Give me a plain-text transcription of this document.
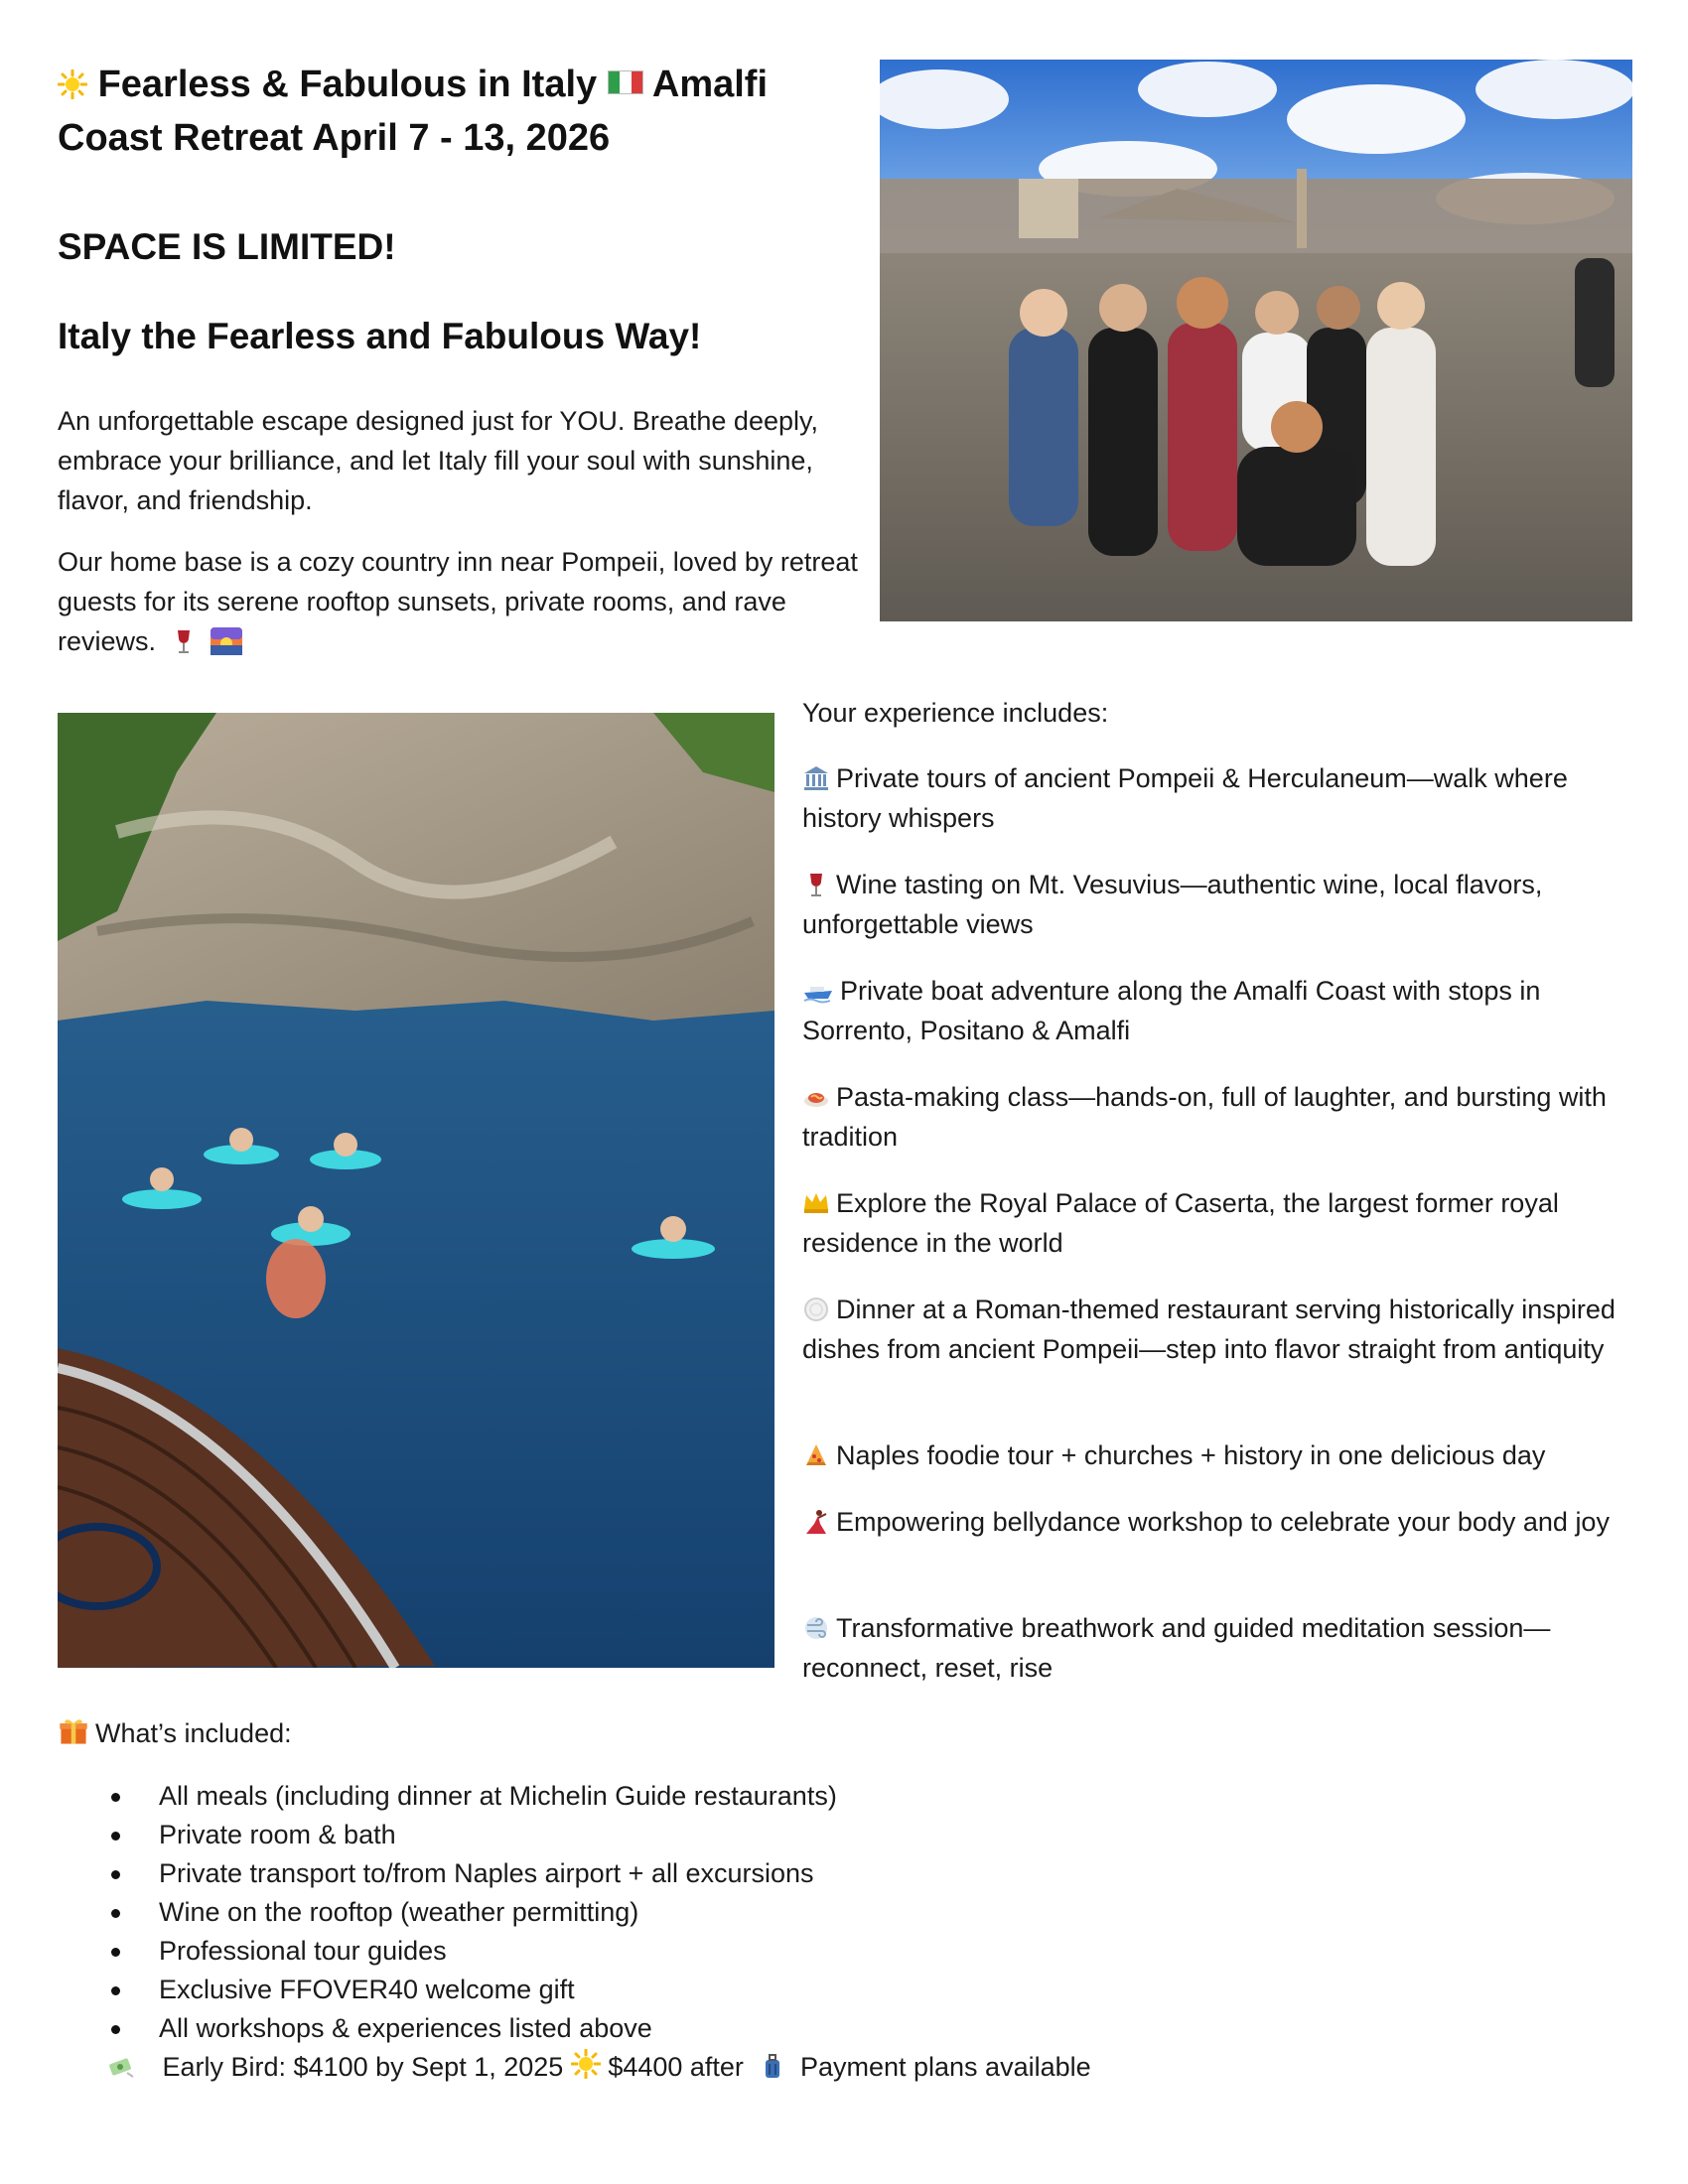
Fearless & Fabulous in Italy Amalfi Coast Retreat April 7 - 13, 2026
SPACE IS LIMITED!
Italy the Fearless and Fabulous Way!
An unforgettable escape designed just for YOU. Breathe deeply, embrace your brilliance, and let Italy fill your soul with sunshine, flavor, and friendship.
Our home base is a cozy country inn near Pompeii, loved by retreat guests for its serene rooftop sunsets, private rooms, and rave reviews.
Your experience includes:
Private tours of ancient Pompeii & Herculaneum—walk where history whispers
Wine tasting on Mt. Vesuvius—authentic wine, local flavors, unforgettable views
Private boat adventure along the Amalfi Coast with stops in Sorrento, Positano & Amalfi
Pasta-making class—hands-on, full of laughter, and bursting with tradition
Explore the Royal Palace of Caserta, the largest former royal residence in the world
Dinner at a Roman-themed restaurant serving historically inspired dishes from ancient Pompeii—step into flavor straight from antiquity
Naples foodie tour + churches + history in one delicious day
Empowering bellydance workshop to celebrate your body and joy
Transformative breathwork and guided meditation session—reconnect, reset, rise
What’s included:
All meals (including dinner at Michelin Guide restaurants)
Private room & bath
Private transport to/from Naples airport + all excursions
Wine on the rooftop (weather permitting)
Professional tour guides
Exclusive FFOVER40 welcome gift
All workshops & experiences listed above
Early Bird: $4100 by Sept 1, 2025 $4400 after Payment plans available
